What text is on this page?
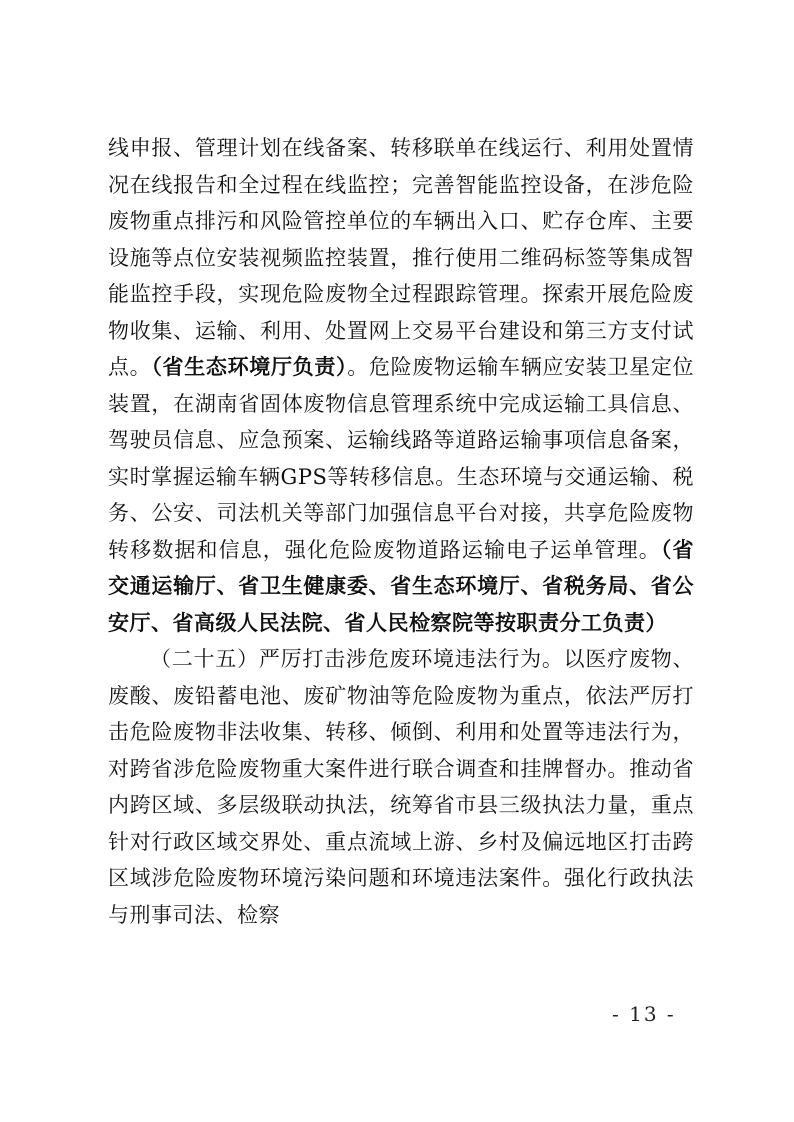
线申报、管理计划在线备案、转移联单在线运行、利用处置情况在线报告和全过程在线监控；完善智能监控设备，在涉危险废物重点排污和风险管控单位的车辆出入口、贮存仓库、主要设施等点位安装视频监控装置，推行使用二维码标签等集成智能监控手段，实现危险废物全过程跟踪管理。探索开展危险废物收集、运输、利用、处置网上交易平台建设和第三方支付试点。（省生态环境厅负责）。危险废物运输车辆应安装卫星定位装置，在湖南省固体废物信息管理系统中完成运输工具信息、驾驶员信息、应急预案、运输线路等道路运输事项信息备案，实时掌握运输车辆GPS等转移信息。生态环境与交通运输、税务、公安、司法机关等部门加强信息平台对接，共享危险废物转移数据和信息，强化危险废物道路运输电子运单管理。（省交通运输厅、省卫生健康委、省生态环境厅、省税务局、省公安厅、省高级人民法院、省人民检察院等按职责分工负责）

（二十五）严厉打击涉危废环境违法行为。以医疗废物、废酸、废铅蓄电池、废矿物油等危险废物为重点，依法严厉打击危险废物非法收集、转移、倾倒、利用和处置等违法行为，对跨省涉危险废物重大案件进行联合调查和挂牌督办。推动省内跨区域、多层级联动执法，统筹省市县三级执法力量，重点针对行政区域交界处、重点流域上游、乡村及偏远地区打击跨区域涉危险废物环境污染问题和环境违法案件。强化行政执法与刑事司法、检察

- 13 -
